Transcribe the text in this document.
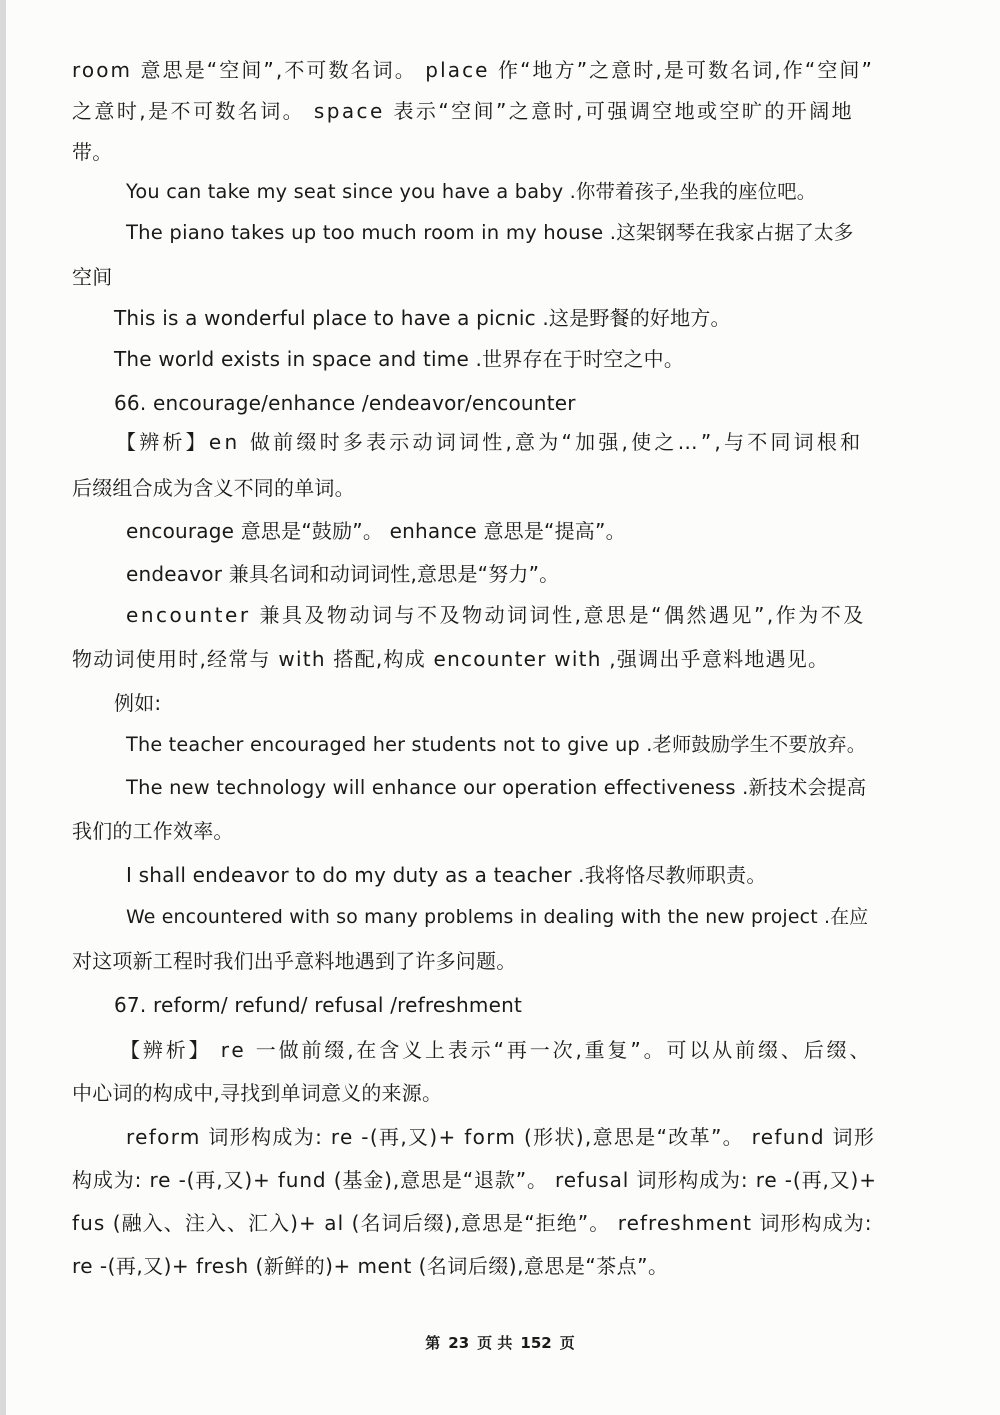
room 意思是“空间”,不可数名词。 place 作“地方”之意时,是可数名词,作“空间”
之意时,是不可数名词。 space 表示“空间”之意时,可强调空地或空旷的开阔地
带。
You can take my seat since you have a baby .你带着孩子,坐我的座位吧。
The piano takes up too much room in my house .这架钢琴在我家占据了太多
空间
This is a wonderful place to have a picnic .这是野餐的好地方。
The world exists in space and time .世界存在于时空之中。
66. encourage/enhance /endeavor/encounter
【辨析】en 做前缀时多表示动词词性,意为“加强,使之…”,与不同词根和
后缀组合成为含义不同的单词。
encourage 意思是“鼓励”。 enhance 意思是“提高”。
endeavor 兼具名词和动词词性,意思是“努力”。
encounter 兼具及物动词与不及物动词词性,意思是“偶然遇见”,作为不及
物动词使用时,经常与 with 搭配,构成 encounter with ,强调出乎意料地遇见。
例如:
The teacher encouraged her students not to give up .老师鼓励学生不要放弃。
The new technology will enhance our operation effectiveness .新技术会提高
我们的工作效率。
I shall endeavor to do my duty as a teacher .我将恪尽教师职责。
We encountered with so many problems in dealing with the new project .在应
对这项新工程时我们出乎意料地遇到了许多问题。
67. reform/ refund/ refusal /refreshment
【辨析】 re 一做前缀,在含义上表示“再一次,重复”。可以从前缀、后缀、
中心词的构成中,寻找到单词意义的来源。
reform 词形构成为: re -(再,又)+ form (形状),意思是“改革”。 refund 词形
构成为: re -(再,又)+ fund (基金),意思是“退款”。 refusal 词形构成为: re -(再,又)+
fus (融入、注入、汇入)+ al (名词后缀),意思是“拒绝”。 refreshment 词形构成为:
re -(再,又)+ fresh (新鲜的)+ ment (名词后缀),意思是“茶点”。
第 23 页 共 152 页
